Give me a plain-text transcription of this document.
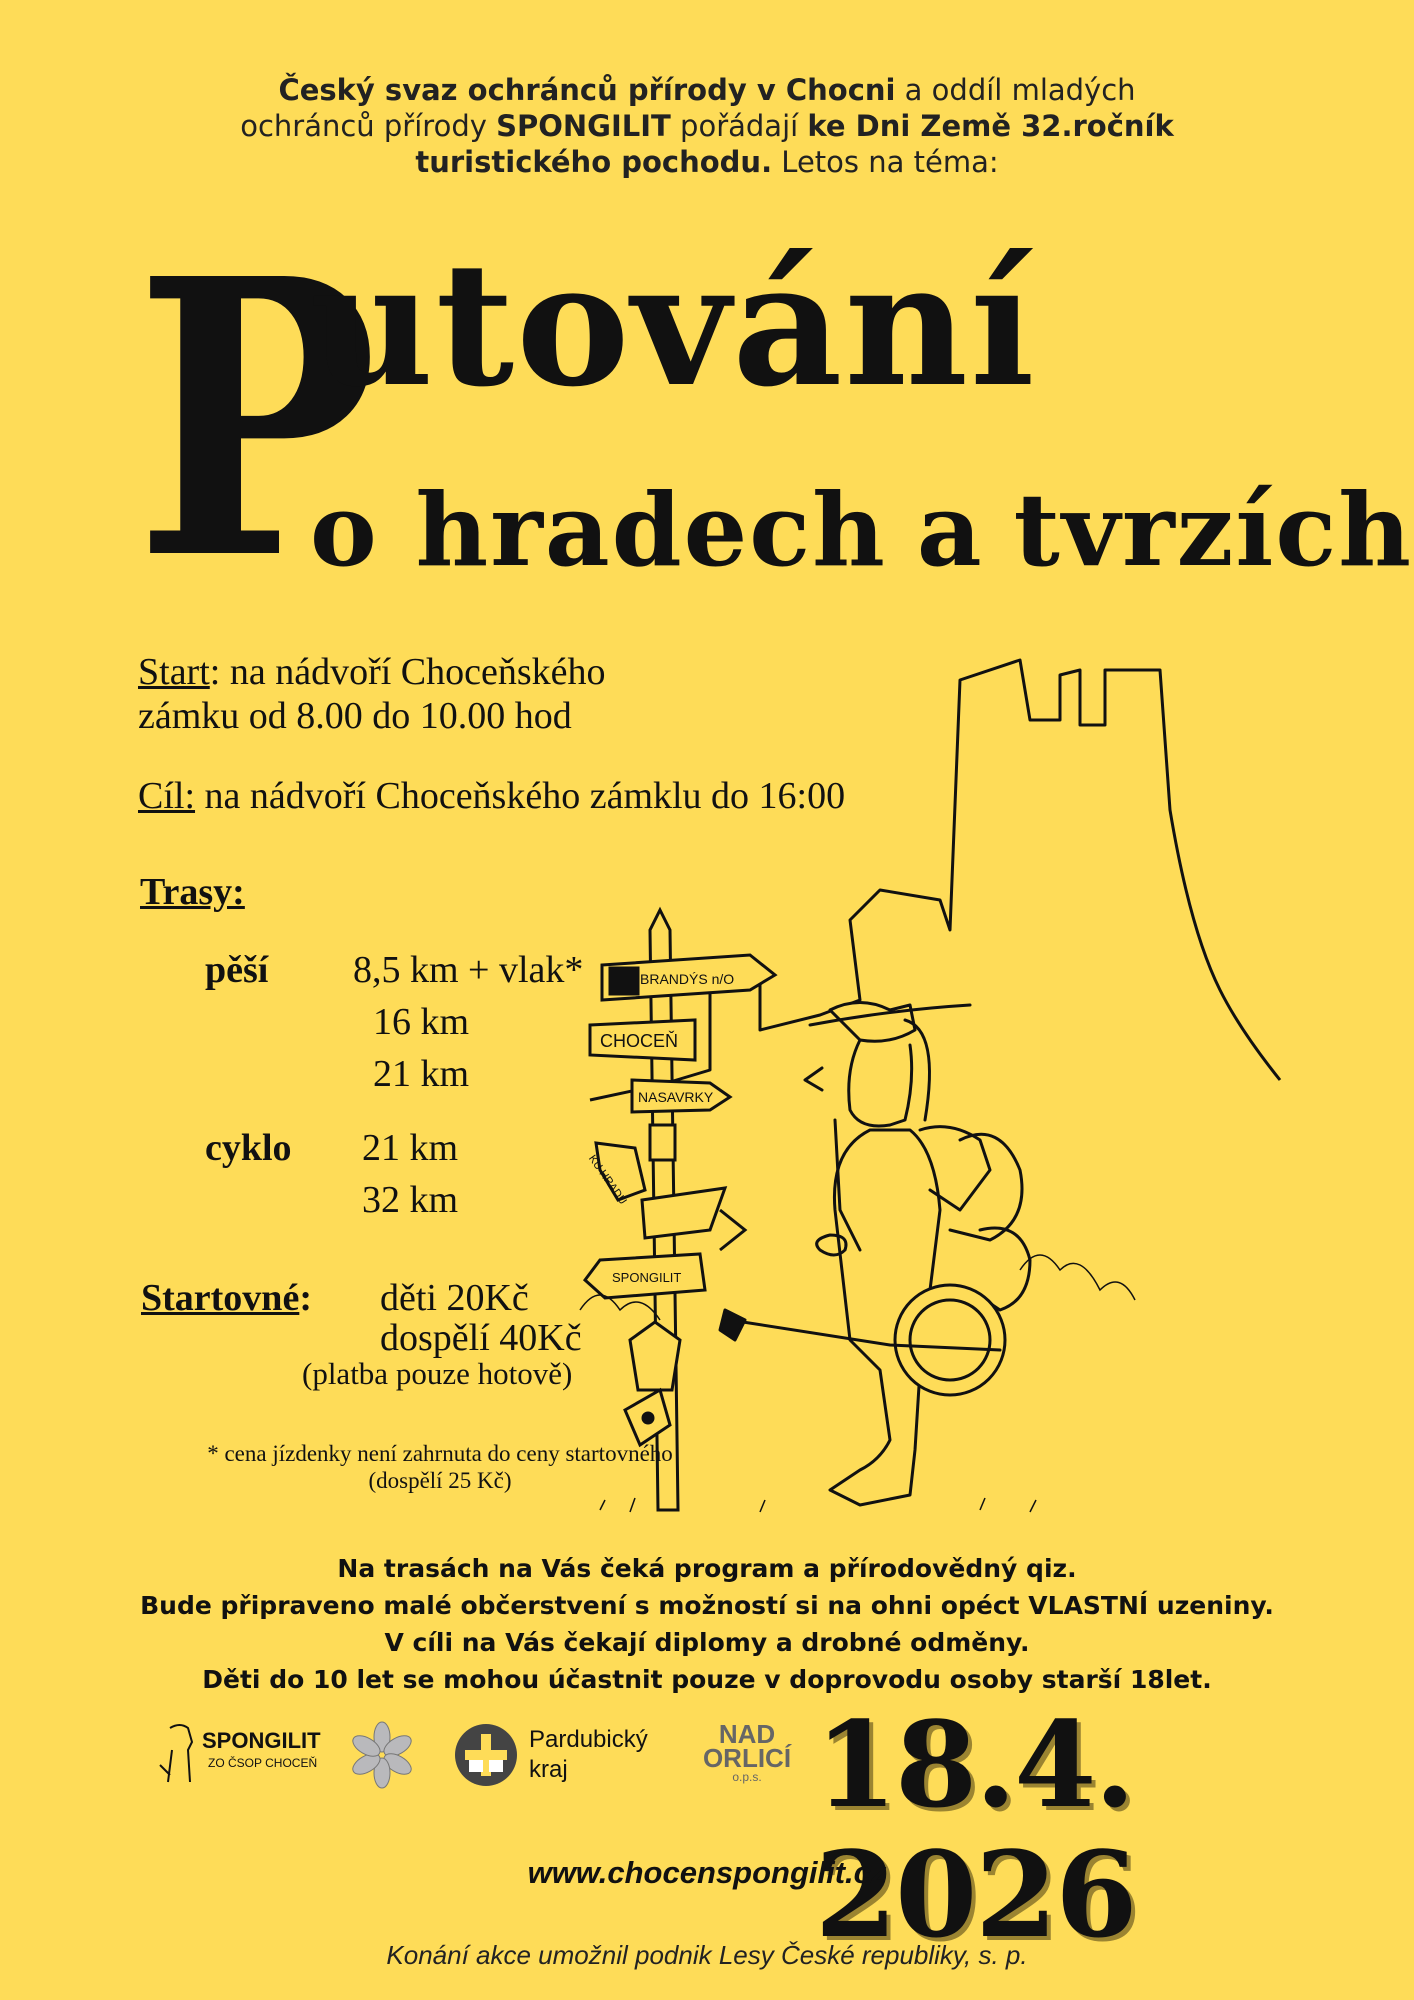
Český svaz ochránců přírody v Chocni a oddíl mladých
ochránců přírody SPONGILIT pořádají ke Dni Země 32.ročník
turistického pochodu. Letos na téma:
P
utování
o hradech a tvrzích
Start: na nádvoří Choceňského
zámku od 8.00 do 10.00 hod
Cíl: na nádvoří Choceňského zámklu do 16:00
Trasy:
pěší 8,5 km + vlak*
16 km
21 km
cyklo 21 km
32 km
Startovné: děti 20Kč
dospělí 40Kč
(platba pouze hotově)
* cena jízdenky není zahrnuta do ceny startovného
(dospělí 25 Kč)
BRANDÝS n/O
CHOCEŇ
NASAVRKY
KU HRADU
SPONGILIT
Na trasách na Vás čeká program a přírodovědný qiz.
Bude připraveno malé občerstvení s možností si na ohni opéct VLASTNÍ uzeniny.
V cíli na Vás čekají diplomy a drobné odměny.
Děti do 10 let se mohou účastnit pouze v doprovodu osoby starší 18let.
SPONGILIT
ZO ČSOP CHOCEŇ
Pardubický
kraj
NAD
ORLICÍ
o.p.s. 18.4. 2026
www.chocenspongilit.cz
Konání akce umožnil podnik Lesy České republiky, s. p.
